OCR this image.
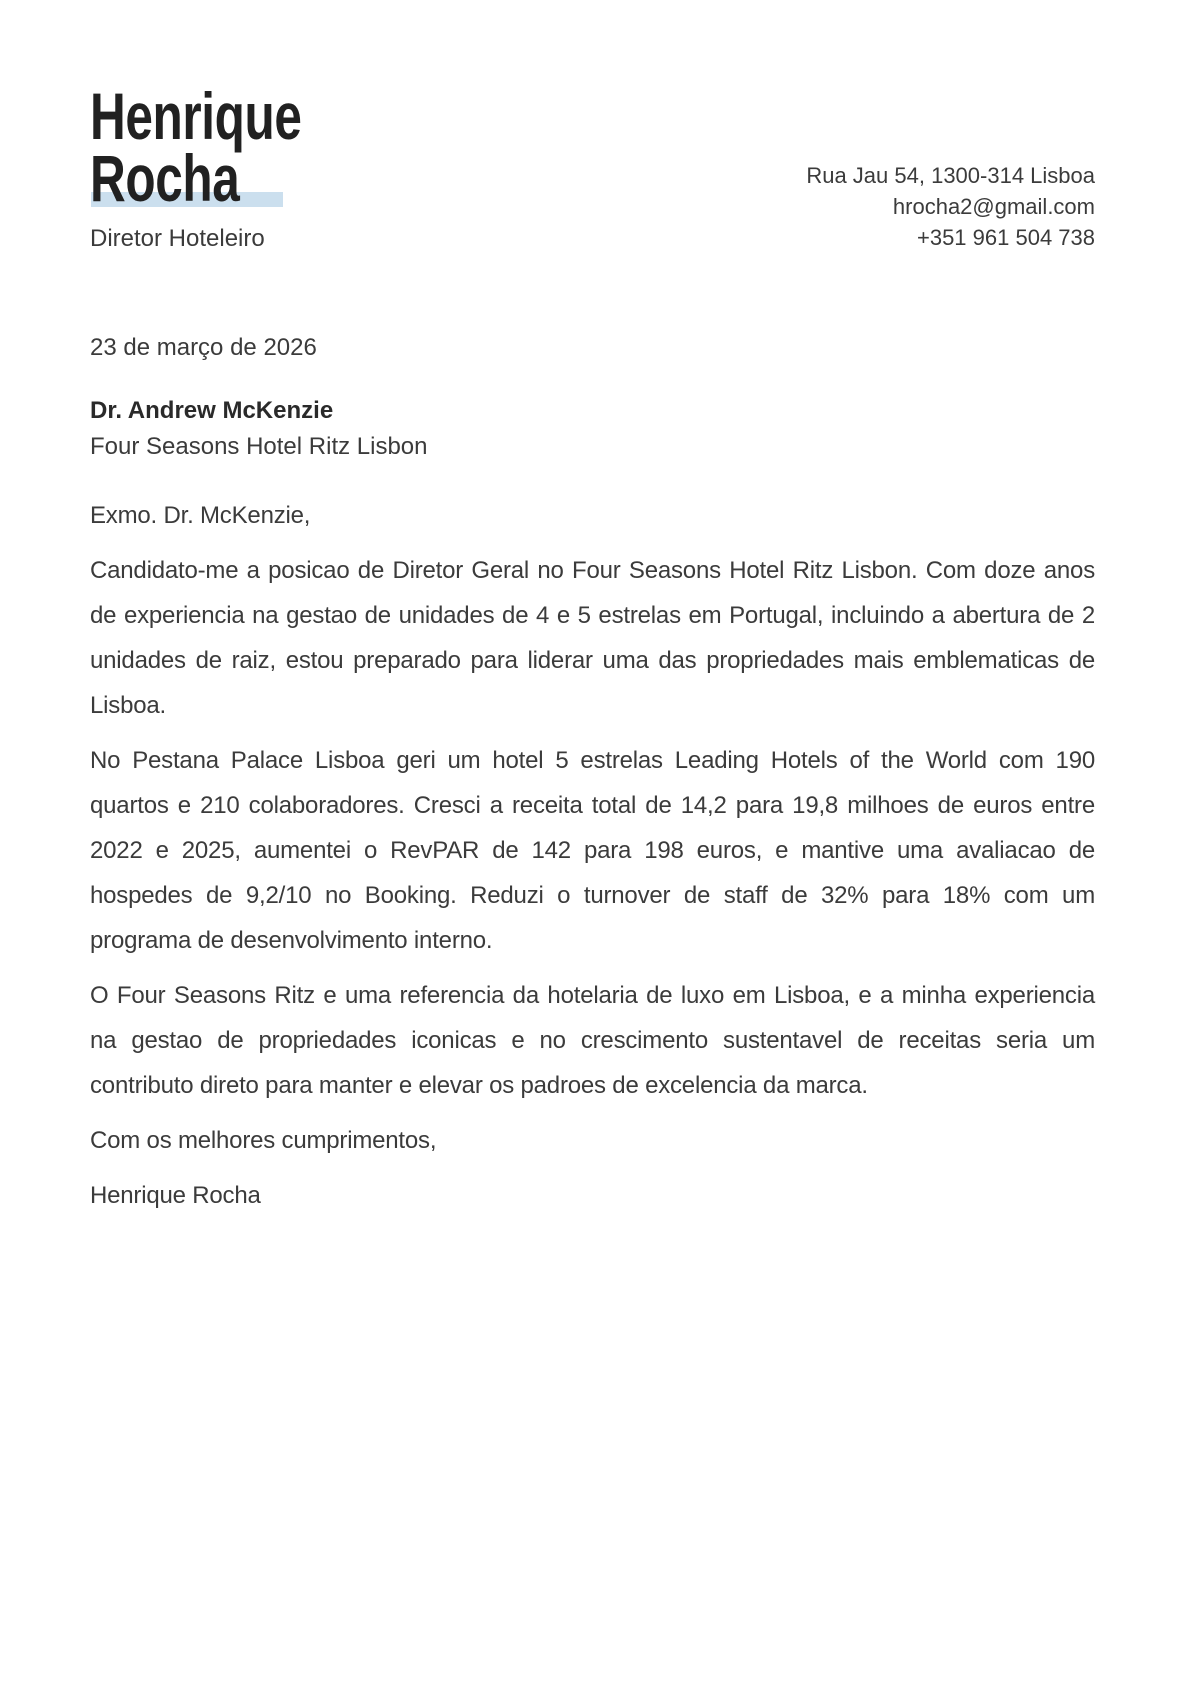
Henrique
Rocha
Diretor Hoteleiro
Rua Jau 54, 1300-314 Lisboa
hrocha2@gmail.com
+351 961 504 738
23 de março de 2026
Dr. Andrew McKenzie
Four Seasons Hotel Ritz Lisbon

Exmo. Dr. McKenzie,

Candidato-me a posicao de Diretor Geral no Four Seasons Hotel Ritz Lisbon. Com doze anos de experiencia na gestao de unidades de 4 e 5 estrelas em Portugal, incluindo a abertura de 2 unidades de raiz, estou preparado para liderar uma das propriedades mais emblematicas de Lisboa.

No Pestana Palace Lisboa geri um hotel 5 estrelas Leading Hotels of the World com 190 quartos e 210 colaboradores. Cresci a receita total de 14,2 para 19,8 milhoes de euros entre 2022 e 2025, aumentei o RevPAR de 142 para 198 euros, e mantive uma avaliacao de hospedes de 9,2/10 no Booking. Reduzi o turnover de staff de 32% para 18% com um programa de desenvolvimento interno.

O Four Seasons Ritz e uma referencia da hotelaria de luxo em Lisboa, e a minha experiencia na gestao de propriedades iconicas e no crescimento sustentavel de receitas seria um contributo direto para manter e elevar os padroes de excelencia da marca.

Com os melhores cumprimentos,

Henrique Rocha
